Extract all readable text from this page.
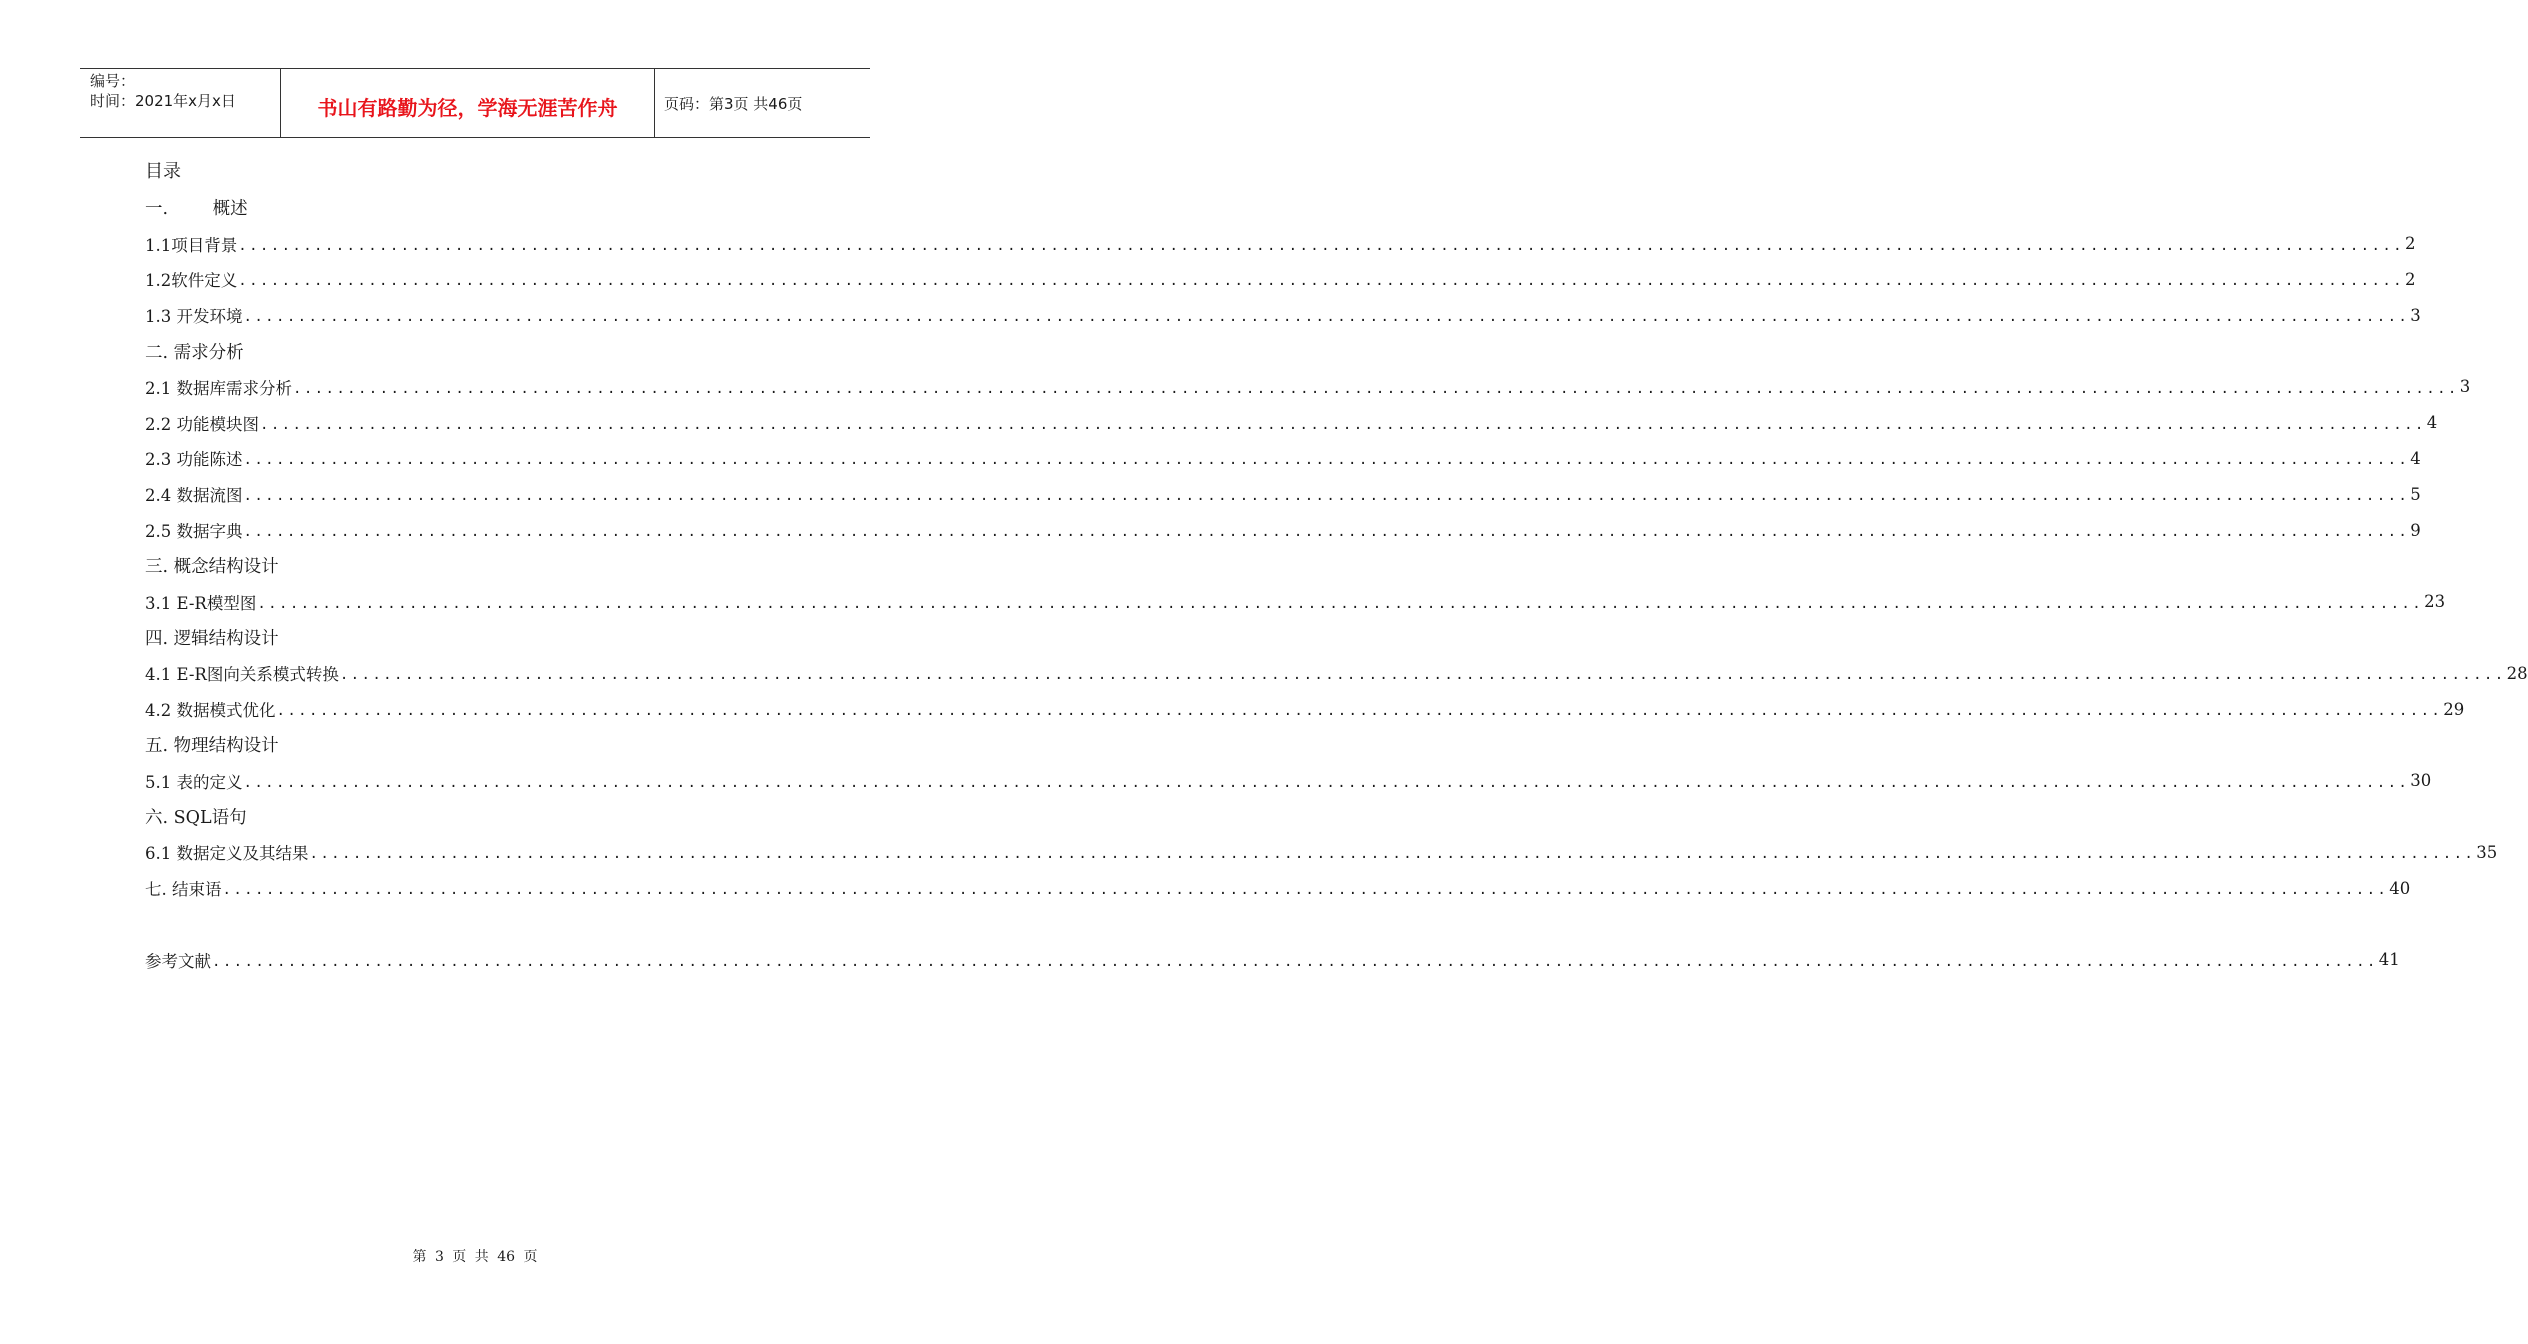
编号：
时间：2021年x月x日	书山有路勤为径，学海无涯苦作舟	页码：第3页 共46页
目录
一.        概述
1.1项目背景 ........................................................................................................................................................................................................ 2
1.2软件定义 ........................................................................................................................................................................................................ 2
1.3 开发环境 ........................................................................................................................................................................................................ 3
二. 需求分析
2.1 数据库需求分析 ........................................................................................................................................................................................................ 3
2.2 功能模块图 ........................................................................................................................................................................................................ 4
2.3 功能陈述 ........................................................................................................................................................................................................ 4
2.4 数据流图 ........................................................................................................................................................................................................ 5
2.5 数据字典 ........................................................................................................................................................................................................ 9
三. 概念结构设计
3.1 E-R模型图 ........................................................................................................................................................................................................ 23
四. 逻辑结构设计
4.1 E-R图向关系模式转换 ........................................................................................................................................................................................................ 28
4.2 数据模式优化 ........................................................................................................................................................................................................ 29
五. 物理结构设计
5.1 表的定义 ........................................................................................................................................................................................................ 30
六. SQL语句
6.1 数据定义及其结果 ........................................................................................................................................................................................................ 35
七. 结束语 ........................................................................................................................................................................................................ 40
参考文献 ........................................................................................................................................................................................................ 41
第 3 页 共 46 页
